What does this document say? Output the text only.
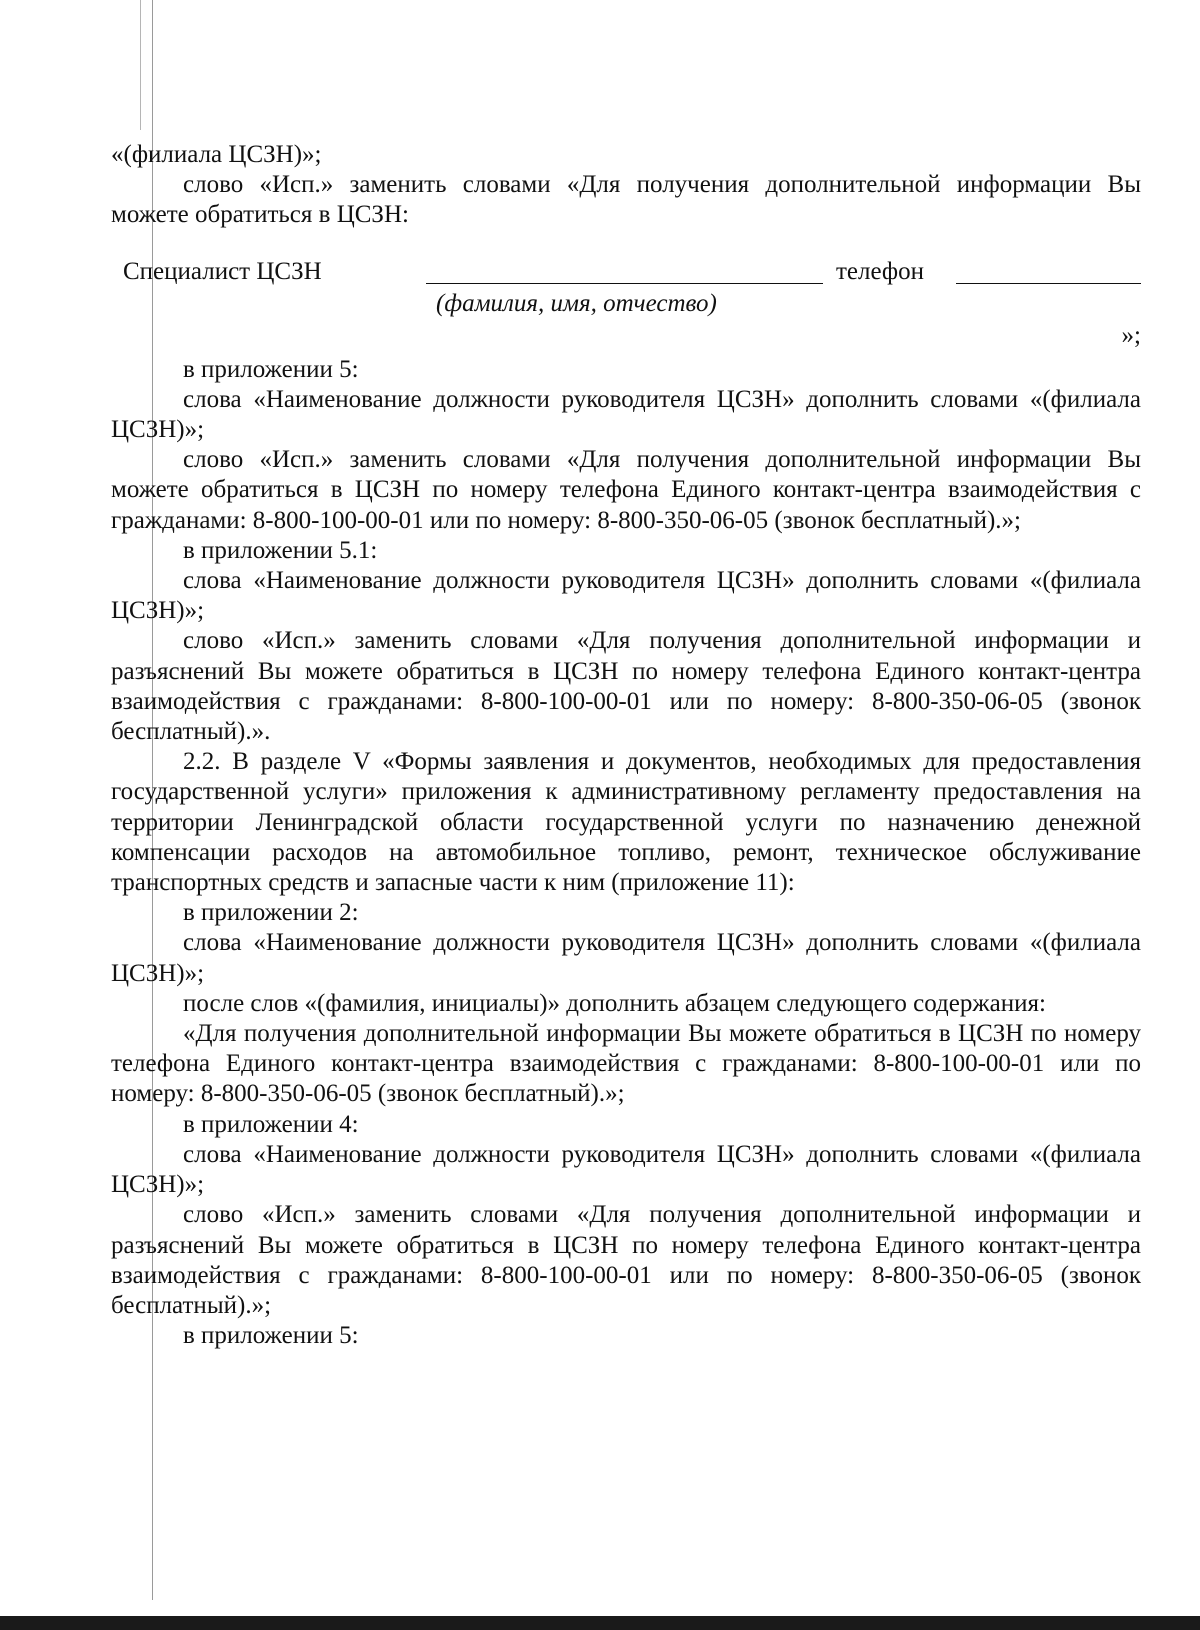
«(филиала ЦСЗН)»;

слово «Исп.» заменить словами «Для получения дополнительной информации Вы можете обратиться в ЦСЗН:

Специалист ЦСЗН	телефон
(фамилия, имя, отчество)
»;

в приложении 5:

слова «Наименование должности руководителя ЦСЗН» дополнить словами «(филиала ЦСЗН)»;

слово «Исп.» заменить словами «Для получения дополнительной информации Вы можете обратиться в ЦСЗН по номеру телефона Единого контакт-центра взаимодействия с гражданами: 8-800-100-00-01 или по номеру: 8-800-350-06-05 (звонок бесплатный).»;

в приложении 5.1:

слова «Наименование должности руководителя ЦСЗН» дополнить словами «(филиала ЦСЗН)»;

слово «Исп.» заменить словами «Для получения дополнительной информации и разъяснений Вы можете обратиться в ЦСЗН по номеру телефона Единого контакт-центра взаимодействия с гражданами: 8-800-100-00-01 или по номеру: 8-800-350-06-05 (звонок бесплатный).».

2.2. В разделе V «Формы заявления и документов, необходимых для предоставления государственной услуги» приложения к административному регламенту предоставления на территории Ленинградской области государственной услуги по назначению денежной компенсации расходов на автомобильное топливо, ремонт, техническое обслуживание транспортных средств и запасные части к ним (приложение 11):

в приложении 2:

слова «Наименование должности руководителя ЦСЗН» дополнить словами «(филиала ЦСЗН)»;

после слов «(фамилия, инициалы)» дополнить абзацем следующего содержания:

«Для получения дополнительной информации Вы можете обратиться в ЦСЗН по номеру телефона Единого контакт-центра взаимодействия с гражданами: 8-800-100-00-01 или по номеру: 8-800-350-06-05 (звонок бесплатный).»;

в приложении 4:

слова «Наименование должности руководителя ЦСЗН» дополнить словами «(филиала ЦСЗН)»;

слово «Исп.» заменить словами «Для получения дополнительной информации и разъяснений Вы можете обратиться в ЦСЗН по номеру телефона Единого контакт-центра взаимодействия с гражданами: 8-800-100-00-01 или по номеру: 8-800-350-06-05 (звонок бесплатный).»;

в приложении 5:
